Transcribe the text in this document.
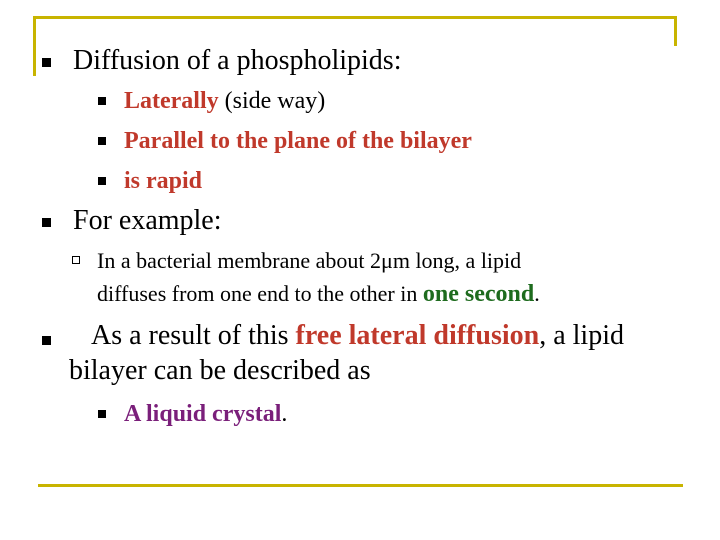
Diffusion of a phospholipids:
Laterally (side way)
Parallel to the plane of the bilayer
is rapid
For example:
In a bacterial membrane about 2μm long, a lipid
diffuses from one end to the other in one second.
As a result of this free lateral diffusion, a lipid
bilayer can be described as
A liquid crystal.
